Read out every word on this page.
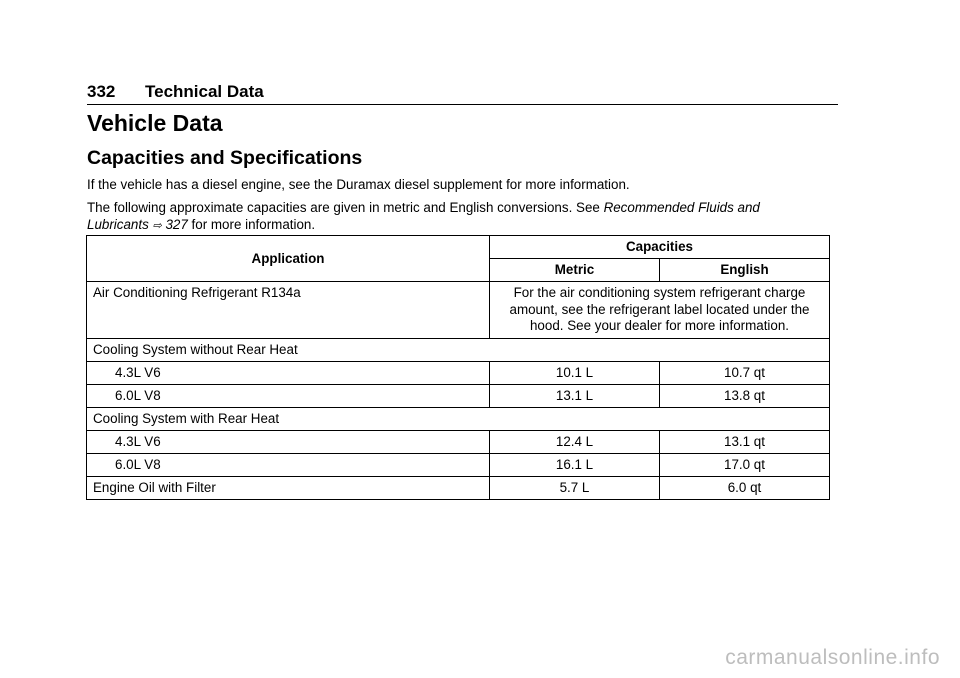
332 Technical Data
Vehicle Data
Capacities and Specifications

If the vehicle has a diesel engine, see the Duramax diesel supplement for more information.

The following approximate capacities are given in metric and English conversions. See Recommended Fluids and
Lubricants ⇨ 327 for more information.

Application	Capacities	
	Metric	English
Air Conditioning Refrigerant R134a	For the air conditioning system refrigerant charge amount, see the refrigerant label located under the hood. See your dealer for more information.	
Cooling System without Rear Heat		
4.3L V6	10.1 L	10.7 qt
6.0L V8	13.1 L	13.8 qt
Cooling System with Rear Heat		
4.3L V6	12.4 L	13.1 qt
6.0L V8	16.1 L	17.0 qt
Engine Oil with Filter	5.7 L	6.0 qt
carmanualsonline.info
